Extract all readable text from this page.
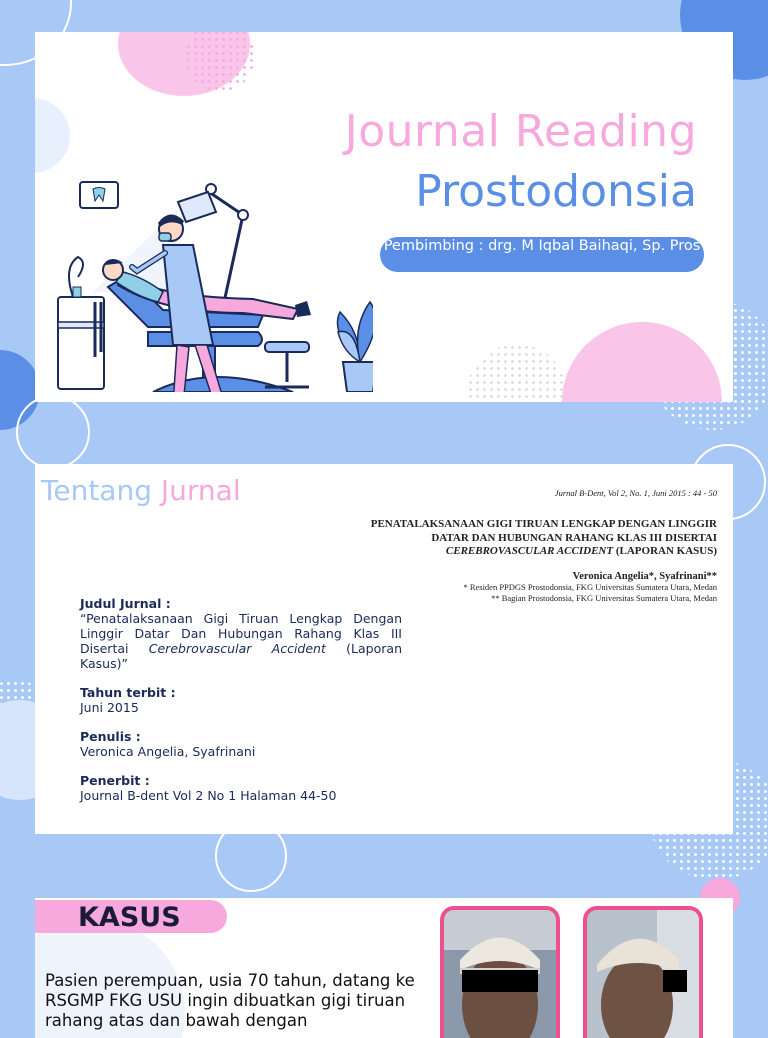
Journal Reading
Prostodonsia
Pembimbing : drg. M Iqbal Baihaqi, Sp. Pros
Tentang Jurnal	Jurnal B-Dent, Vol 2, No. 1, Juni 2015 : 44 - 50
PENATALAKSANAAN GIGI TIRUAN LENGKAP DENGAN LINGGIR
DATAR DAN HUBUNGAN RAHANG KLAS III DISERTAI
CEREBROVASCULAR ACCIDENT (LAPORAN KASUS)
Veronica Angelia*, Syafrinani**
* Residen PPDGS Prostodonsia, FKG Universitas Sumatera Utara, Medan
** Bagian Prostodonsia, FKG Universitas Sumatera Utara, Medan
Judul Jurnal :
“Penatalaksanaan Gigi Tiruan Lengkap Dengan Linggir Datar Dan Hubungan Rahang Klas III Disertai Cerebrovascular Accident (Laporan Kasus)”
Tahun terbit :
Juni 2015
Penulis :
Veronica Angelia, Syafrinani
Penerbit :
Journal B-dent Vol 2 No 1 Halaman 44-50
KASUS
Pasien perempuan, usia 70 tahun, datang ke RSGMP FKG USU ingin dibuatkan gigi tiruan rahang atas dan bawah dengan
